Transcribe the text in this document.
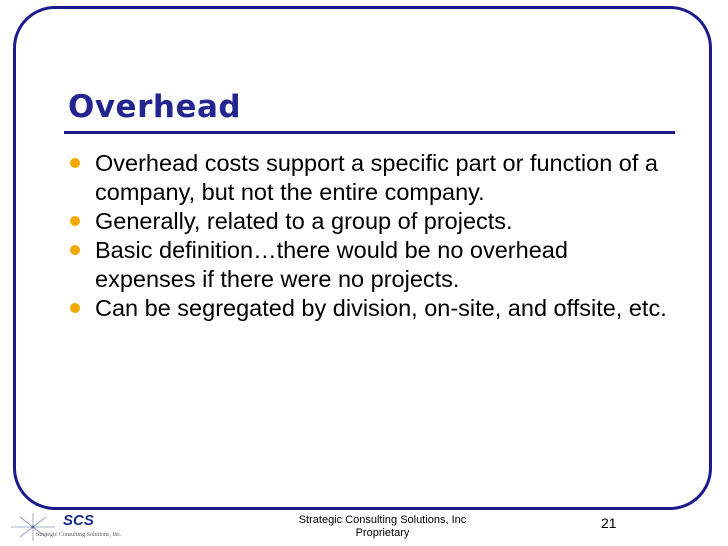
Overhead
Overhead costs support a specific part or function of a company, but not the entire company.
Generally, related to a group of projects.
Basic definition…there would be no overhead expenses if there were no projects.
Can be segregated by division, on-site, and offsite, etc.
SCS
Strategic Consulting Solutions, Inc.
Strategic Consulting Solutions, Inc
Proprietary
21
